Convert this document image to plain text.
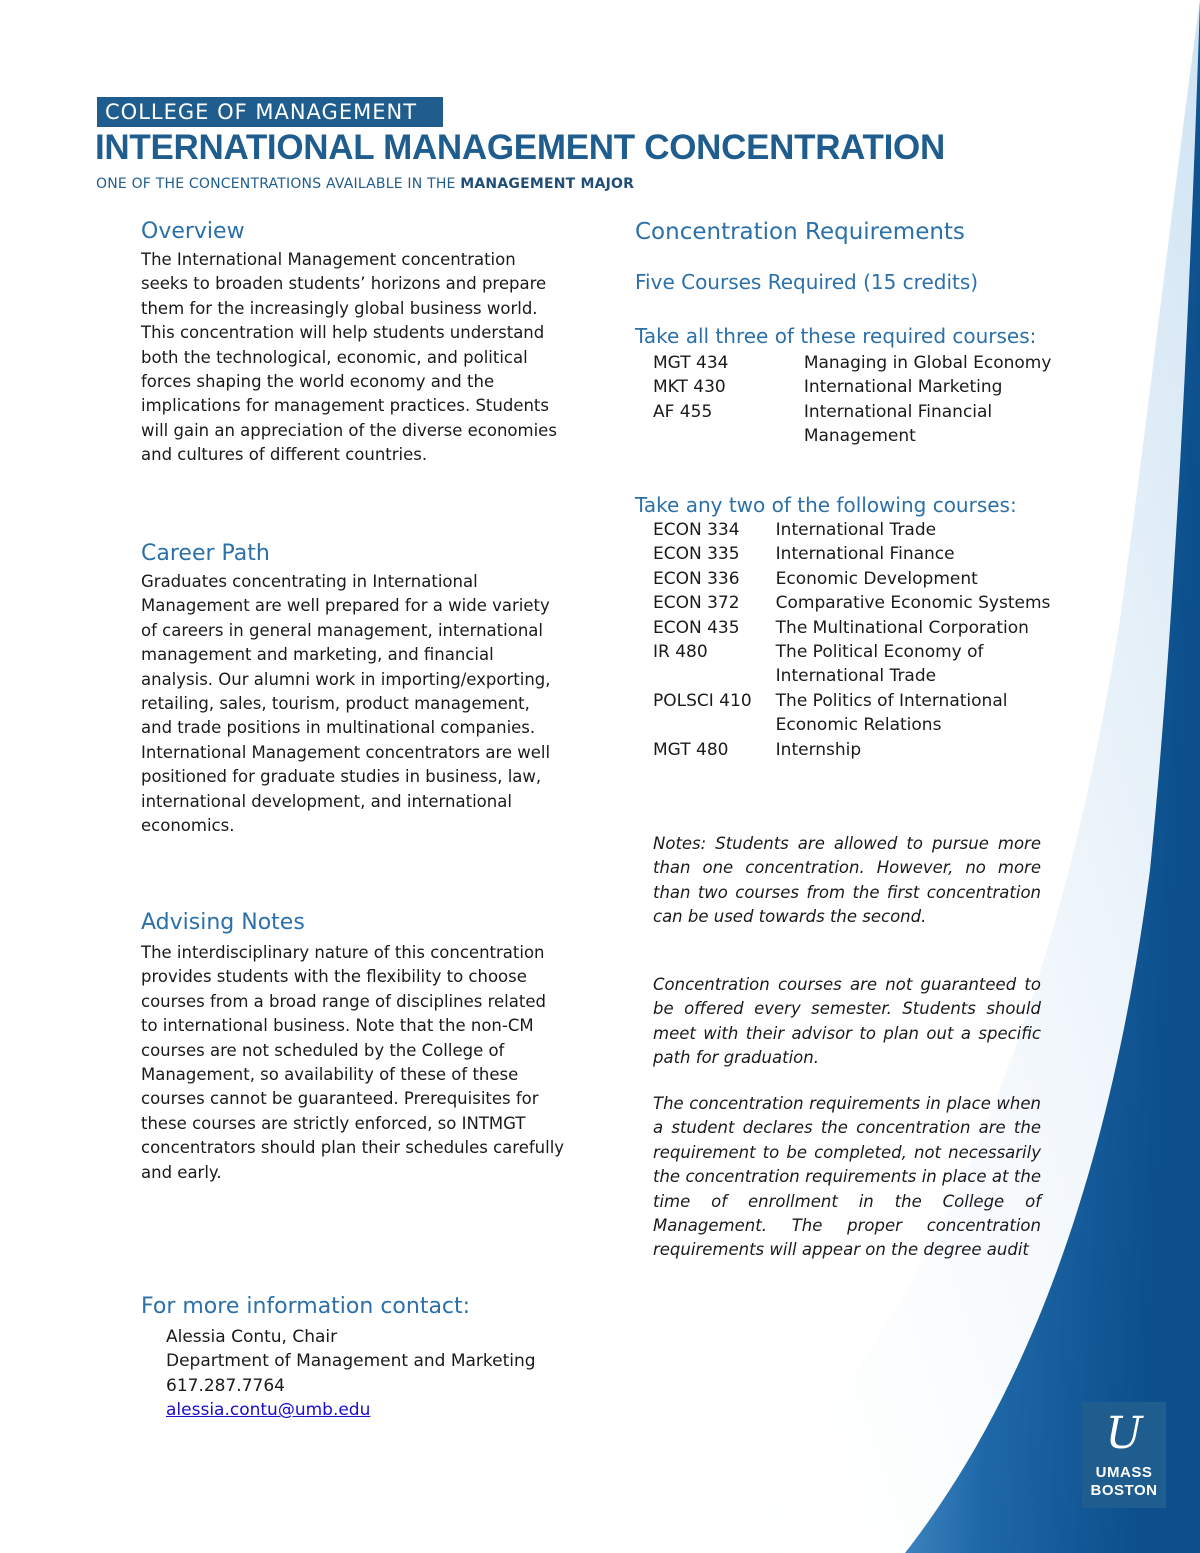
COLLEGE OF MANAGEMENT
INTERNATIONAL MANAGEMENT CONCENTRATION
ONE OF THE CONCENTRATIONS AVAILABLE IN THE MANAGEMENT MAJOR
Overview
The International Management concentration seeks to broaden students’ horizons and prepare them for the increasingly global business world. This concentration will help students understand both the technological, economic, and political forces shaping the world economy and the implications for management practices. Students will gain an appreciation of the diverse economies and cultures of different countries.
Career Path
Graduates concentrating in International Management are well prepared for a wide variety of careers in general management, international management and marketing, and financial analysis. Our alumni work in importing/exporting, retailing, sales, tourism, product management, and trade positions in multinational companies. International Management concentrators are well positioned for graduate studies in business, law, international development, and international economics.
Advising Notes
The interdisciplinary nature of this concentration provides students with the flexibility to choose courses from a broad range of disciplines related to international business. Note that the non-CM courses are not scheduled by the College of Management, so availability of these of these courses cannot be guaranteed. Prerequisites for these courses are strictly enforced, so INTMGT concentrators should plan their schedules carefully and early.
For more information contact:
Alessia Contu, Chair
Department of Management and Marketing
617.287.7764
alessia.contu@umb.edu
Concentration Requirements
Five Courses Required (15 credits)
Take all three of these required courses:
MGT 434	Managing in Global Economy
MKT 430	International Marketing
AF 455	International Financial Management
Take any two of the following courses:
ECON 334	International Trade
ECON 335	International Finance
ECON 336	Economic Development
ECON 372	Comparative Economic Systems
ECON 435	The Multinational Corporation
IR 480	The Political Economy of International Trade
POLSCI 410	The Politics of International Economic Relations
MGT 480	Internship
Notes: Students are allowed to pursue more than one concentration. However, no more than two courses from the first concentration can be used towards the second.
Concentration courses are not guaranteed to be offered every semester. Students should meet with their advisor to plan out a specific path for graduation.
The concentration requirements in place when a student declares the concentration are the requirement to be completed, not necessarily the concentration requirements in place at the time of enrollment in the College of Management. The proper concentration requirements will appear on the degree audit
U
UMASS
BOSTON
